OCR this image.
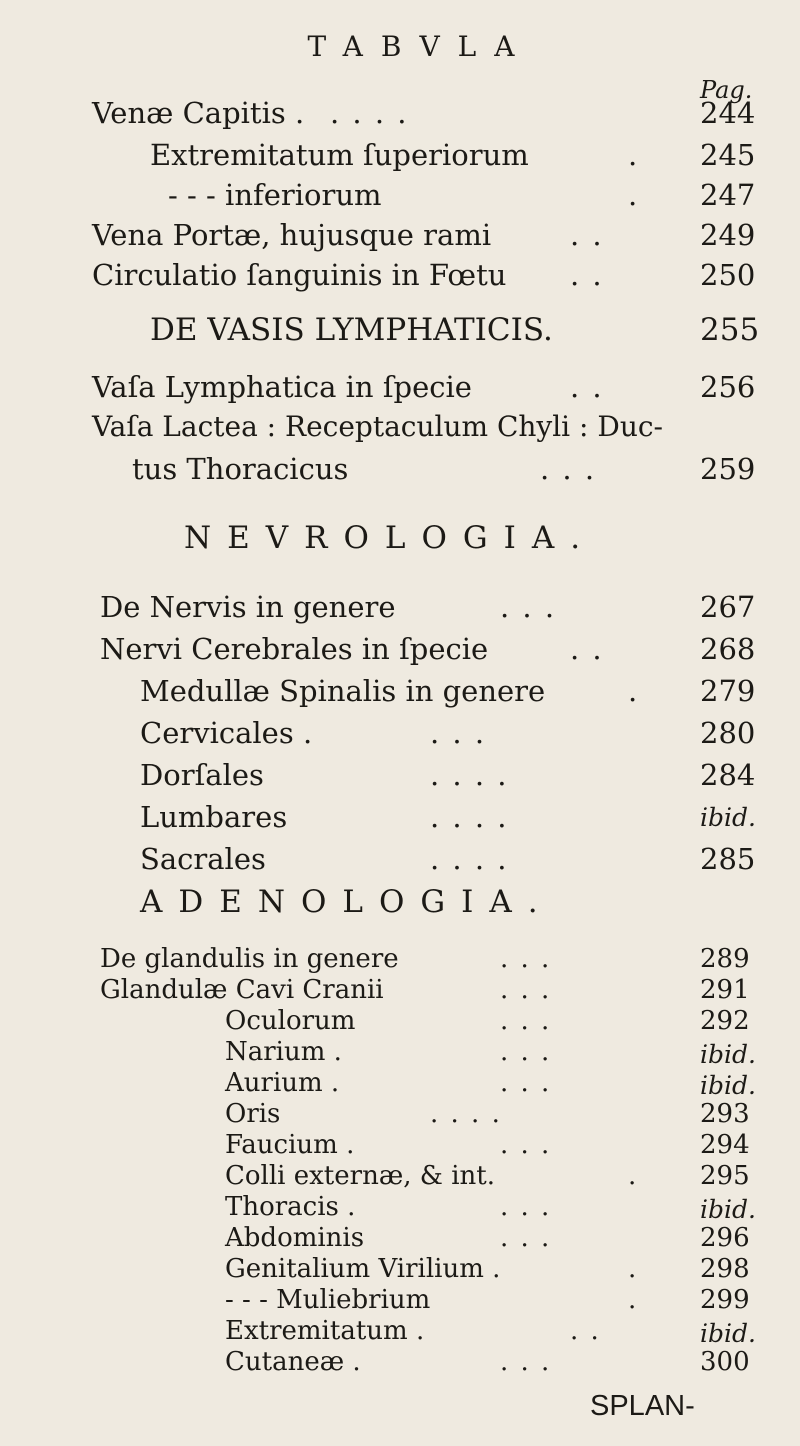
TABVLA
Pag.
Venæ Capitis . . . . .	244
Extremitatum ſuperiorum	. 245
- - - inferiorum	. 247
Vena Portæ, hujusque rami	. .	249
Circulatio ſanguinis in Fœtu . .	250
DE VASIS LYMPHATICIS.	255
Vaſa Lymphatica in ſpecie	. .	256
Vaſa Lactea : Receptaculum Chyli : Duc-
tus Thoracicus	. . .	259
NEVROLOGIA.
De Nervis in genere	. . .	267
Nervi Cerebrales in ſpecie	. .	268
Medullæ Spinalis in genere	. 279
Cervicales .	. . .	280
Dorſales	. . . .	284
Lumbares	. . . .	ibid.
Sacrales	. . . .	285
ADENOLOGIA.
De glandulis in genere	. . .	289
Glandulæ Cavi Cranii	. . .	291
Oculorum	. . .	292
Narium .	. . .	ibid.
Aurium .	. . .	ibid.
Oris	. . . .	293
Faucium .	. . .	294
Colli externæ, & int.	. 295
Thoracis .	. . .	ibid.
Abdominis	. . .	296
SPLAN-
Genitalium Virilium .	. 298
- - - Muliebrium	. 299
Extremitatum .	. .	ibid.
Cutaneæ .	. . .	300
